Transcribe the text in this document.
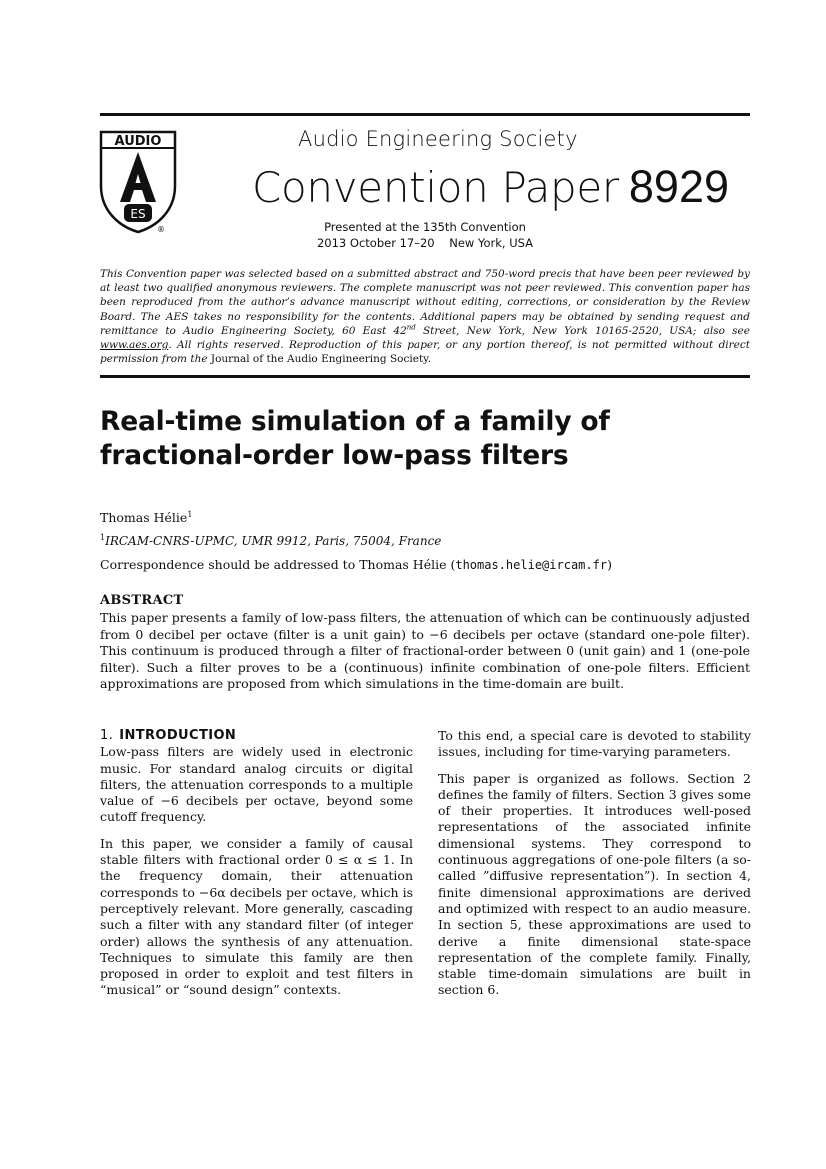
AUDIO
ES
®
Audio Engineering Society
Convention Paper 8929
Presented at the 135th Convention
2013 October 17–20    New York, USA
This Convention paper was selected based on a submitted abstract and 750-word precis that have been peer reviewed by at least two qualified anonymous reviewers. The complete manuscript was not peer reviewed. This convention paper has been reproduced from the author’s advance manuscript without editing, corrections, or consideration by the Review Board. The AES takes no responsibility for the contents. Additional papers may be obtained by sending request and remittance to Audio Engineering Society, 60 East 42nd Street, New York, New York 10165-2520, USA; also see www.aes.org. All rights reserved. Reproduction of this paper, or any portion thereof, is not permitted without direct permission from the Journal of the Audio Engineering Society.
Real-time simulation of a family of
fractional-order low-pass filters
Thomas Hélie$^1$
$^1$IRCAM-CNRS-UPMC, UMR 9912, Paris, 75004, France
Correspondence should be addressed to Thomas Hélie (thomas.helie@ircam.fr)
ABSTRACT
This paper presents a family of low-pass filters, the attenuation of which can be continuously adjusted from 0 decibel per octave (filter is a unit gain) to −6 decibels per octave (standard one-pole filter). This continuum is produced through a filter of fractional-order between 0 (unit gain) and 1 (one-pole filter). Such a filter proves to be a (continuous) infinite combination of one-pole filters. Efficient approximations are proposed from which simulations in the time-domain are built.
1. INTRODUCTION

Low-pass filters are widely used in electronic music. For standard analog circuits or digital filters, the attenuation corresponds to a multiple value of −6 decibels per octave, beyond some cutoff frequency.

In this paper, we consider a family of causal stable filters with fractional order 0 ≤ α ≤ 1. In the frequency domain, their attenuation corresponds to −6α decibels per octave, which is perceptively relevant. More generally, cascading such a filter with any standard filter (of integer order) allows the synthesis of any attenuation. Techniques to simulate this family are then proposed in order to exploit and test filters in “musical” or “sound design” contexts.

To this end, a special care is devoted to stability issues, including for time-varying parameters.

This paper is organized as follows. Section 2 defines the family of filters. Section 3 gives some of their properties. It introduces well-posed representations of the associated infinite dimensional systems. They correspond to continuous aggregations of one-pole filters (a so-called ”diffusive representation”). In section 4, finite dimensional approximations are derived and optimized with respect to an audio measure. In section 5, these approximations are used to derive a finite dimensional state-space representation of the complete family. Finally, stable time-domain simulations are built in section 6.
